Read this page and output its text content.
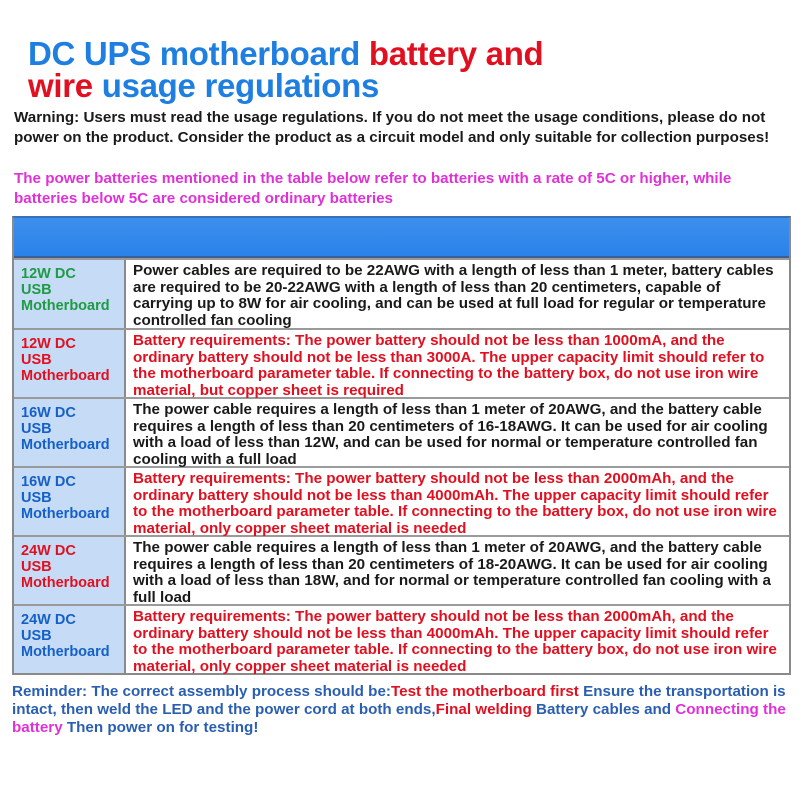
DC UPS motherboard battery and
wire usage regulations
Warning: Users must read the usage regulations. If you do not meet the usage conditions, please do not power on the product. Consider the product as a circuit model and only suitable for collection purposes!
The power batteries mentioned in the table below refer to batteries with a rate of 5C or higher, while batteries below 5C are considered ordinary batteries
12W DC
USB
Motherboard
Power cables are required to be 22AWG with a length of less than 1 meter, battery cables are required to be 20-22AWG with a length of less than 20 centimeters, capable of carrying up to 8W for air cooling, and can be used at full load for regular or temperature controlled fan cooling
12W DC
USB
Motherboard
Battery requirements: The power battery should not be less than 1000mA, and the ordinary battery should not be less than 3000A. The upper capacity limit should refer to the motherboard parameter table. If connecting to the battery box, do not use iron wire material, but copper sheet is required
16W DC
USB
Motherboard
The power cable requires a length of less than 1 meter of 20AWG, and the battery cable requires a length of less than 20 centimeters of 16-18AWG. It can be used for air cooling with a load of less than 12W, and can be used for normal or temperature controlled fan cooling with a full load
16W DC
USB
Motherboard
Battery requirements: The power battery should not be less than 2000mAh, and the ordinary battery should not be less than 4000mAh. The upper capacity limit should refer to the motherboard parameter table. If connecting to the battery box, do not use iron wire material, only copper sheet material is needed
24W DC
USB
Motherboard
The power cable requires a length of less than 1 meter of 20AWG, and the battery cable requires a length of less than 20 centimeters of 18-20AWG. It can be used for air cooling with a load of less than 18W, and for normal or temperature controlled fan cooling with a full load
24W DC
USB
Motherboard
Battery requirements: The power battery should not be less than 2000mAh, and the ordinary battery should not be less than 4000mAh. The upper capacity limit should refer to the motherboard parameter table. If connecting to the battery box, do not use iron wire material, only copper sheet material is needed
Reminder: The correct assembly process should be:Test the motherboard first Ensure the transportation is intact, then weld the LED and the power cord at both ends,Final welding Battery cables and Connecting the battery Then power on for testing!
